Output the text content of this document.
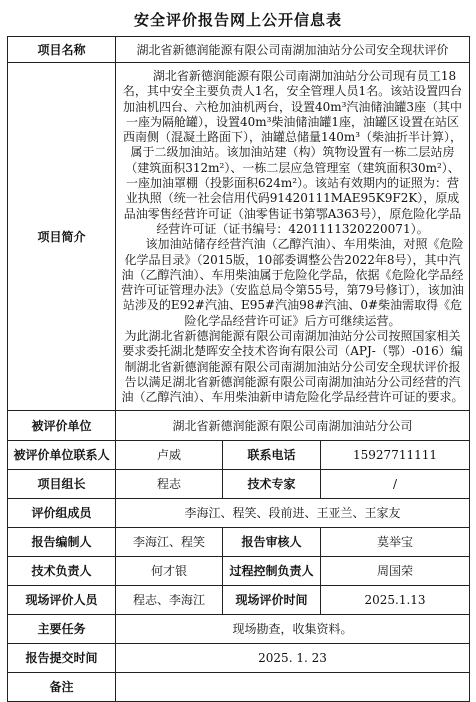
安全评价报告网上公开信息表
项目名称	湖北省新德润能源有限公司南湖加油站分公司安全现状评价		
项目简介	湖北省新德润能源有限公司南湖加油站分公司现有员工18名，其中安全主要负责人1名，安全管理人员1名。该站设置四台加油机四台、六枪加油机两台，设置40m³汽油储油罐3座（其中一座为隔舱罐），设置40m³柴油储油罐1座，油罐区设置在站区西南侧（混凝土路面下），油罐总储量140m³（柴油折半计算），属于二级加油站。该加油站建（构）筑物设置有一栋二层站房（建筑面积312m²）、一栋二层应急管理室（建筑面积30m²）、一座加油罩棚（投影面积624m²）。该站有效期内的证照为：营业执照（统一社会信用代码91420111MAE95K9F2K），原成品油零售经营许可证（油零售证书第鄂A363号），原危险化学品经营许可证（证书编号：4201111320220071）。

该加油站储存经营汽油（乙醇汽油）、车用柴油，对照《危险化学品目录》（2015版，10部委调整公告2022年8号），其中汽油（乙醇汽油）、车用柴油属于危险化学品，依据《危险化学品经营许可证管理办法》（安监总局令第55号，第79号修订），该加油站涉及的E92#汽油、E95#汽油98#汽油、0#柴油需取得《危险化学品经营许可证》后方可继续运营。

为此湖北省新德润能源有限公司南湖加油站分公司按照国家相关要求委托湖北楚晖安全技术咨询有限公司（APJ-（鄂）-016）编制湖北省新德润能源有限公司南湖加油站分公司安全现状评价报告以满足湖北省新德润能源有限公司南湖加油站分公司经营的汽油（乙醇汽油）、车用柴油新申请危险化学品经营许可证的要求。		

被评价单位	湖北省新德润能源有限公司南湖加油站分公司		
被评价单位联系人	卢威	联系电话	15927711111
项目组长	程志	技术专家	/
评价组成员	李海江、程笑、段前进、王亚兰、王家友		
报告编制人	李海江、程笑	报告审核人	莫举宝
技术负责人	何才银	过程控制负责人	周国荣
现场评价人员	程志、李海江	现场评价时间	2025.1.13
主要任务	现场勘查，收集资料。		
报告提交时间	2025. 1. 23		
备注			
